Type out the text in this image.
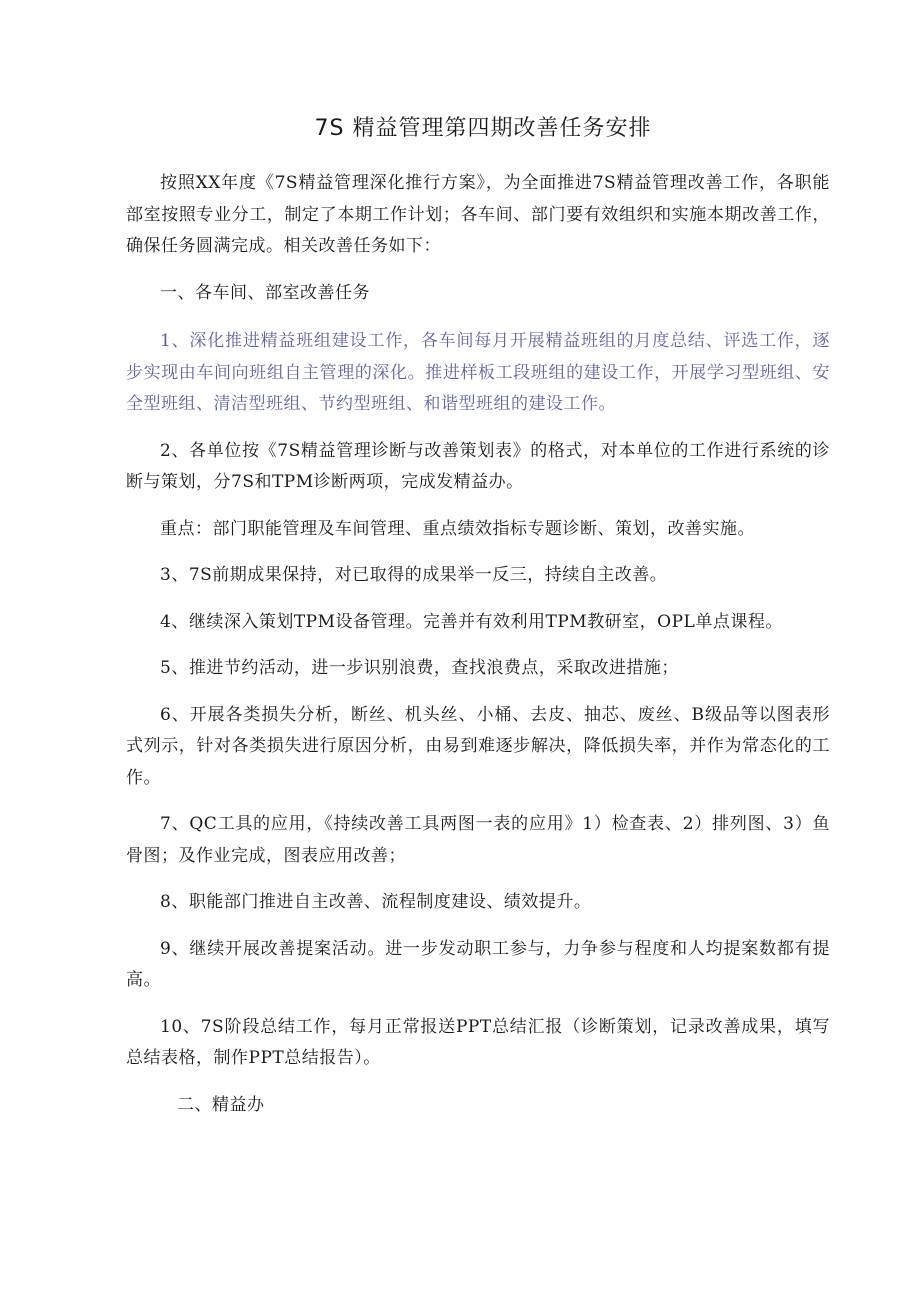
7S 精益管理第四期改善任务安排

按照XX年度《7S精益管理深化推行方案》，为全面推进7S精益管理改善工作，各职能部室按照专业分工，制定了本期工作计划；各车间、部门要有效组织和实施本期改善工作，确保任务圆满完成。相关改善任务如下：

一、各车间、部室改善任务

1、深化推进精益班组建设工作，各车间每月开展精益班组的月度总结、评选工作，逐步实现由车间向班组自主管理的深化。推进样板工段班组的建设工作，开展学习型班组、安全型班组、清洁型班组、节约型班组、和谐型班组的建设工作。

2、各单位按《7S精益管理诊断与改善策划表》的格式，对本单位的工作进行系统的诊断与策划，分7S和TPM诊断两项，完成发精益办。

重点：部门职能管理及车间管理、重点绩效指标专题诊断、策划，改善实施。

3、7S前期成果保持，对已取得的成果举一反三，持续自主改善。

4、继续深入策划TPM设备管理。完善并有效利用TPM教研室，OPL单点课程。

5、推进节约活动，进一步识别浪费，查找浪费点，采取改进措施；

6、开展各类损失分析，断丝、机头丝、小桶、去皮、抽芯、废丝、B级品等以图表形式列示，针对各类损失进行原因分析，由易到难逐步解决，降低损失率，并作为常态化的工作。

7、QC工具的应用，《持续改善工具两图一表的应用》1）检查表、2）排列图、3）鱼骨图；及作业完成，图表应用改善；

8、职能部门推进自主改善、流程制度建设、绩效提升。

9、继续开展改善提案活动。进一步发动职工参与，力争参与程度和人均提案数都有提高。

10、7S阶段总结工作，每月正常报送PPT总结汇报（诊断策划，记录改善成果，填写总结表格，制作PPT总结报告）。

二、精益办
